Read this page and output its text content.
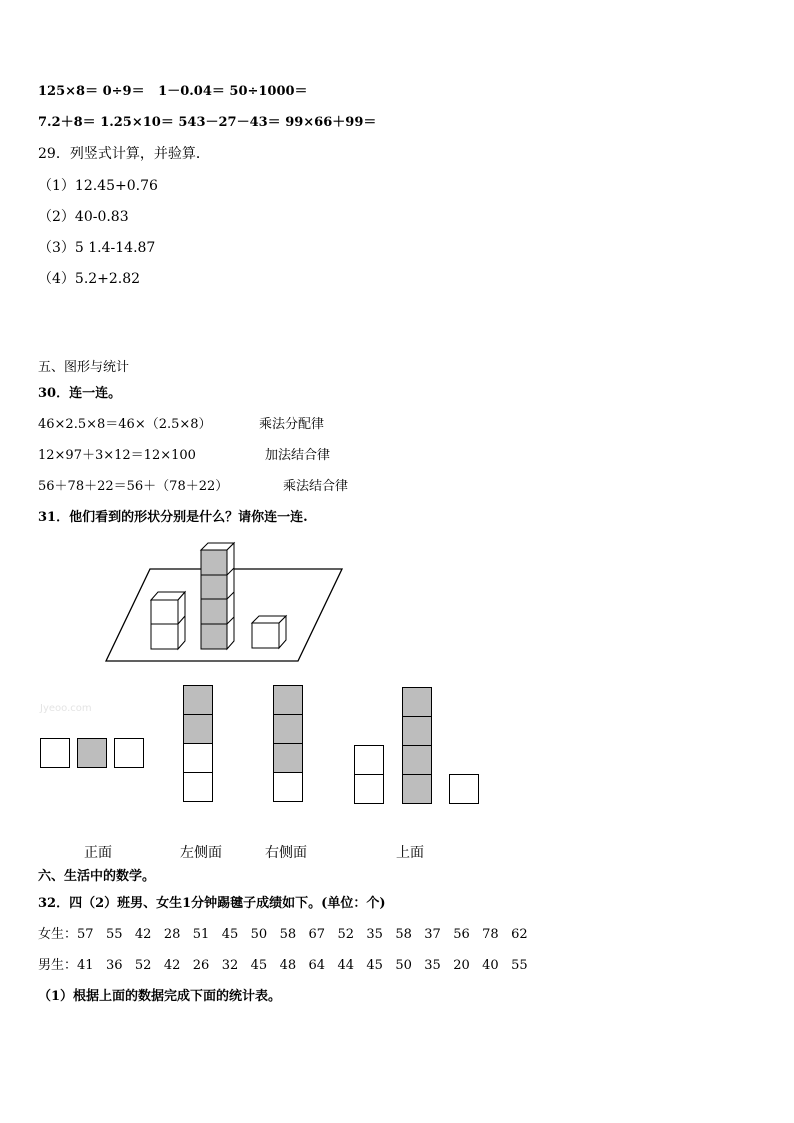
125×8＝ 0÷9＝   1－0.04＝ 50÷1000＝
7.2＋8＝ 1.25×10＝ 543－27－43＝ 99×66＋99＝
29．列竖式计算，并验算．
（1）12.45+0.76
（2）40-0.83
（3）5 1.4-14.87
（4）5.2+2.82
五、图形与统计
30．连一连。
46×2.5×8＝46×（2.5×8）
12×97＋3×12＝12×100
56＋78＋22＝56＋（78＋22）
乘法分配律
加法结合律
乘法结合律
31．他们看到的形状分别是什么？请你连一连.
Jyeoo.com
正面	左侧面	右侧面	上面
六、生活中的数学。
32．四（2）班男、女生1分钟踢毽子成绩如下。(单位：个)
女生：57   55   42   28   51   45   50   58   67   52   35   58   37   56   78   62
男生：41   36   52   42   26   32   45   48   64   44   45   50   35   20   40   55
（1）根据上面的数据完成下面的统计表。
